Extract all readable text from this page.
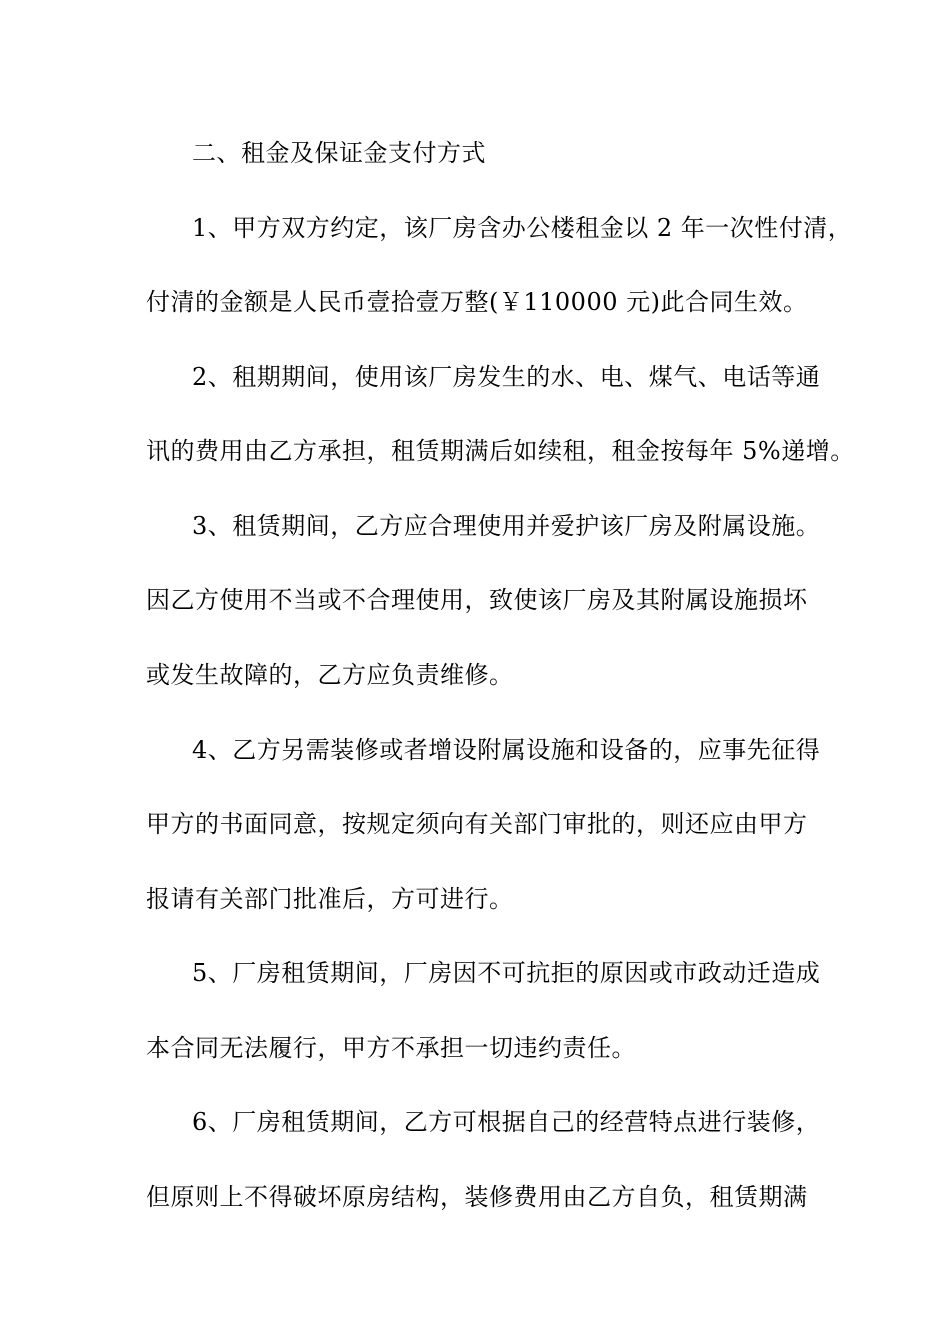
二、租金及保证金支付方式
1、甲方双方约定，该厂房含办公楼租金以 2 年一次性付清，
付清的金额是人民币壹拾壹万整(￥110000 元)此合同生效。
2、租期期间，使用该厂房发生的水、电、煤气、电话等通
讯的费用由乙方承担，租赁期满后如续租，租金按每年 5%递增。
3、租赁期间，乙方应合理使用并爱护该厂房及附属设施。
因乙方使用不当或不合理使用，致使该厂房及其附属设施损坏
或发生故障的，乙方应负责维修。
4、乙方另需装修或者增设附属设施和设备的，应事先征得
甲方的书面同意，按规定须向有关部门审批的，则还应由甲方
报请有关部门批准后，方可进行。
5、厂房租赁期间，厂房因不可抗拒的原因或市政动迁造成
本合同无法履行，甲方不承担一切违约责任。
6、厂房租赁期间，乙方可根据自己的经营特点进行装修，
但原则上不得破坏原房结构，装修费用由乙方自负，租赁期满
